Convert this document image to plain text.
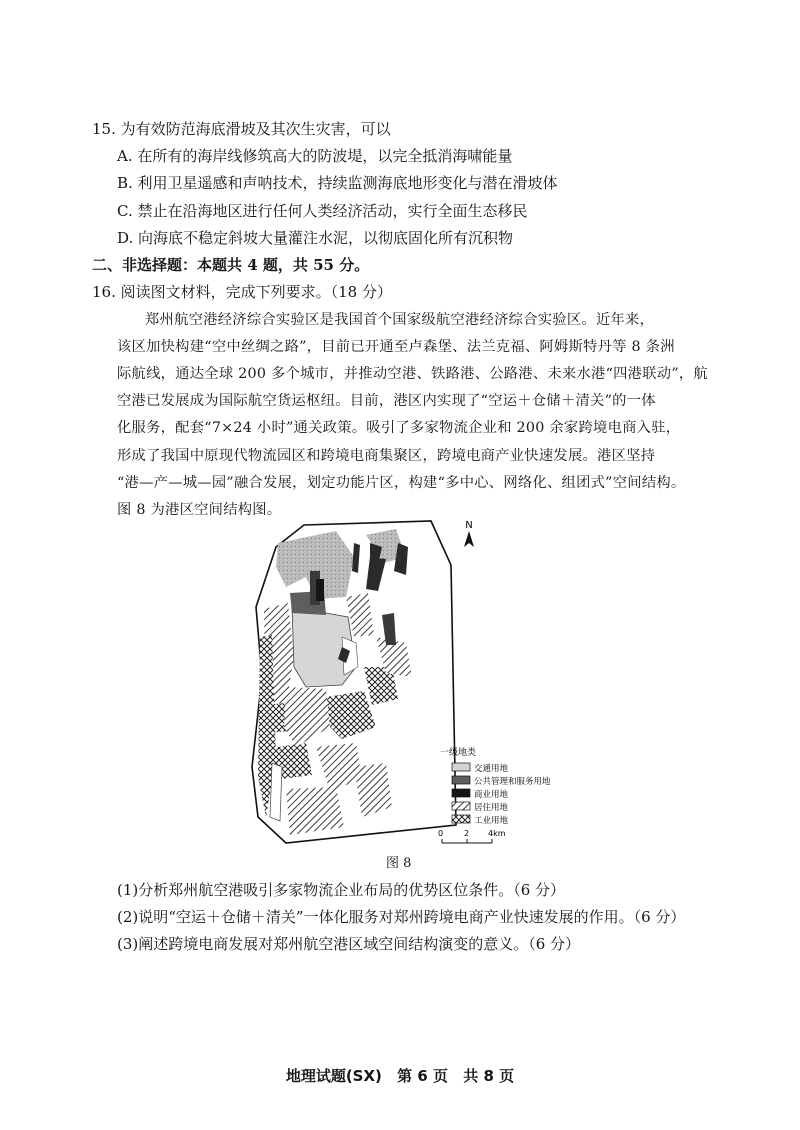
15. 为有效防范海底滑坡及其次生灾害，可以
A. 在所有的海岸线修筑高大的防波堤，以完全抵消海啸能量
B. 利用卫星遥感和声呐技术，持续监测海底地形变化与潜在滑坡体
C. 禁止在沿海地区进行任何人类经济活动，实行全面生态移民
D. 向海底不稳定斜坡大量灌注水泥，以彻底固化所有沉积物
二、非选择题：本题共 4 题，共 55 分。
16. 阅读图文材料，完成下列要求。（18 分）
郑州航空港经济综合实验区是我国首个国家级航空港经济综合实验区。近年来，
该区加快构建“空中丝绸之路”，目前已开通至卢森堡、法兰克福、阿姆斯特丹等 8 条洲
际航线，通达全球 200 多个城市，并推动空港、铁路港、公路港、未来水港“四港联动”，航
空港已发展成为国际航空货运枢纽。目前，港区内实现了“空运＋仓储＋清关”的一体
化服务，配套“7×24 小时”通关政策。吸引了多家物流企业和 200 余家跨境电商入驻，
形成了我国中原现代物流园区和跨境电商集聚区，跨境电商产业快速发展。港区坚持
“港—产—城—园”融合发展，划定功能片区，构建“多中心、网络化、组团式”空间结构。
图 8 为港区空间结构图。
N
一级地类
交通用地
公共管理和服务用地
商业用地
居住用地
工业用地
0	2 4km
图 8
(1)分析郑州航空港吸引多家物流企业布局的优势区位条件。（6 分）
(2)说明“空运＋仓储＋清关”一体化服务对郑州跨境电商产业快速发展的作用。（6 分）
(3)阐述跨境电商发展对郑州航空港区域空间结构演变的意义。（6 分）
地理试题(SX) 第 6 页 共 8 页
